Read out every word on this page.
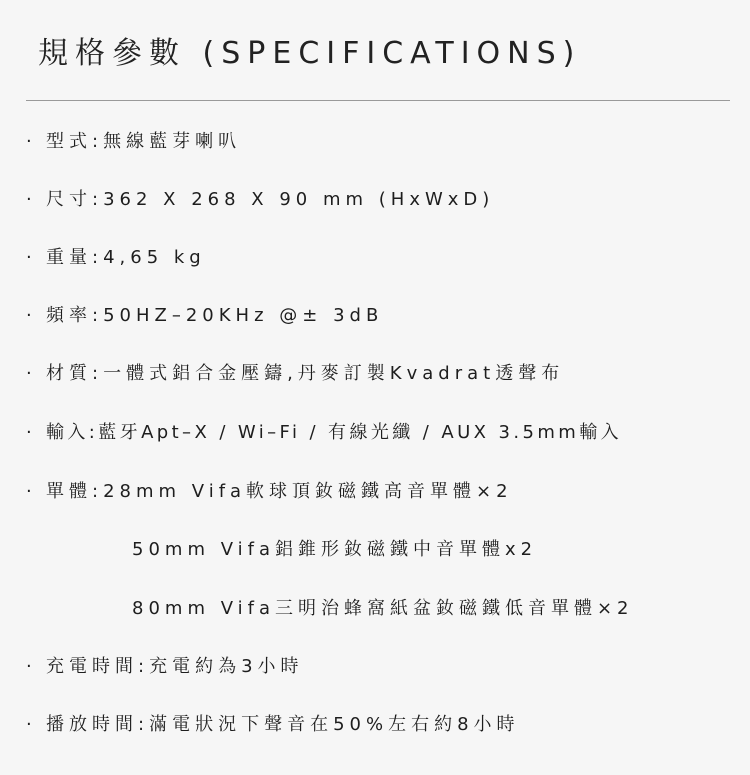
規格參數 (SPECIFICATIONS)
· 型式:無線藍芽喇叭
· 尺寸:362 X 268 X 90 mm (HxWxD)
· 重量:4,65 kg
· 頻率:50HZ–20KHz @± 3dB
· 材質:一體式鋁合金壓鑄,丹麥訂製Kvadrat透聲布
· 輸入:藍牙Apt–X / Wi–Fi / 有線光纖 / AUX 3.5mm輸入
· 單體:28mm Vifa軟球頂釹磁鐵高音單體×2
50mm Vifa鋁錐形釹磁鐵中音單體x2
80mm Vifa三明治蜂窩紙盆釹磁鐵低音單體×2
· 充電時間:充電約為3小時
· 播放時間:滿電狀況下聲音在50%左右約8小時
